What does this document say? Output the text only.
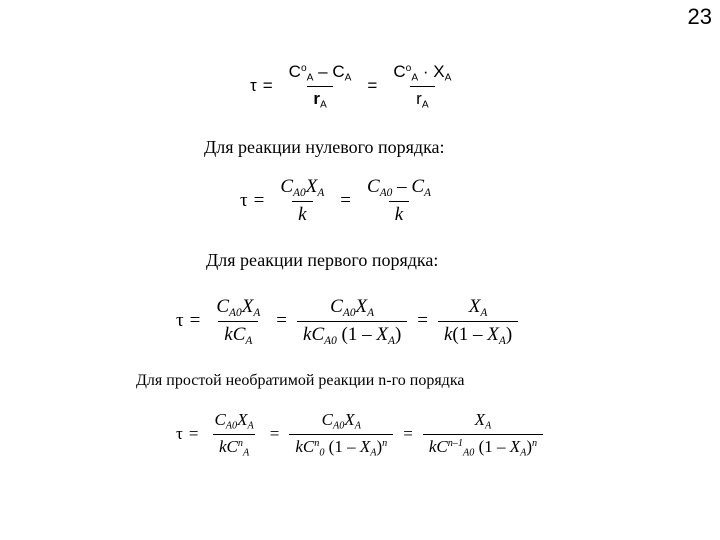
23
$\tau = \frac{C^o_A - C_A}{r_A} = \frac{C^o_A \cdot X_A}{r_A}$
Для реакции нулевого порядка:
$\tau = \frac{C_{A0}X_A}{k} = \frac{C_{A0} - C_A}{k}$
Для реакции первого порядка:
$\tau = \frac{C_{A0}X_A}{kC_A} = \frac{C_{A0}X_A}{kC_{A0} (1 - X_A)} = \frac{X_A}{k(1 - X_A)}$
Для простой необратимой реакции n-го порядка
$\tau = \frac{C_{A0}X_A}{kC^n_A} = \frac{C_{A0}X_A}{kC^n_0 (1 - X_A)^n} = \frac{X_A}{kC^{n-1}_{A0} (1 - X_A)^n}$
